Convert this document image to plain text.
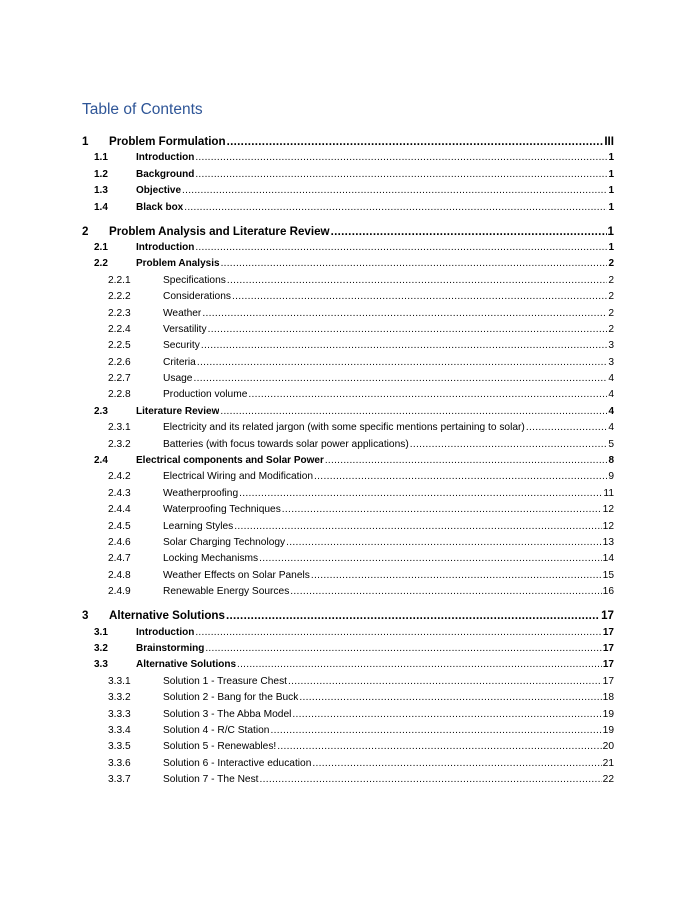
Table of Contents
1	Problem Formulation .....	III
1.1	Introduction .....	1
1.2	Background .....	1
1.3	Objective .....	1
1.4	Black box .....	1
2	Problem Analysis and Literature Review .....	1
2.1	Introduction .....	1
2.2	Problem Analysis .....	2
2.2.1	Specifications .....	2
2.2.2	Considerations .....	2
2.2.3	Weather .....	2
2.2.4	Versatility .....	2
2.2.5	Security .....	3
2.2.6	Criteria .....	3
2.2.7	Usage .....	4
2.2.8	Production volume .....	4
2.3	Literature Review .....	4
2.3.1	Electricity and its related jargon (with some specific mentions pertaining to solar) .....	4
2.3.2	Batteries (with focus towards solar power applications) .....	5
2.4	Electrical components and Solar Power .....	8
2.4.2	Electrical Wiring and Modification .....	9
2.4.3	Weatherproofing .....	11
2.4.4	Waterproofing Techniques .....	12
2.4.5	Learning Styles .....	12
2.4.6	Solar Charging Technology .....	13
2.4.7	Locking Mechanisms .....	14
2.4.8	Weather Effects on Solar Panels .....	15
2.4.9	Renewable Energy Sources .....	16
3	Alternative Solutions .....	17
3.1	Introduction .....	17
3.2	Brainstorming .....	17
3.3	Alternative Solutions .....	17
3.3.1	Solution 1 - Treasure Chest .....	17
3.3.2	Solution 2 - Bang for the Buck .....	18
3.3.3	Solution 3 - The Abba Model .....	19
3.3.4	Solution 4 - R/C Station .....	19
3.3.5	Solution 5 - Renewables! .....	20
3.3.6	Solution 6 - Interactive education .....	21
3.3.7	Solution 7 - The Nest .....	22
